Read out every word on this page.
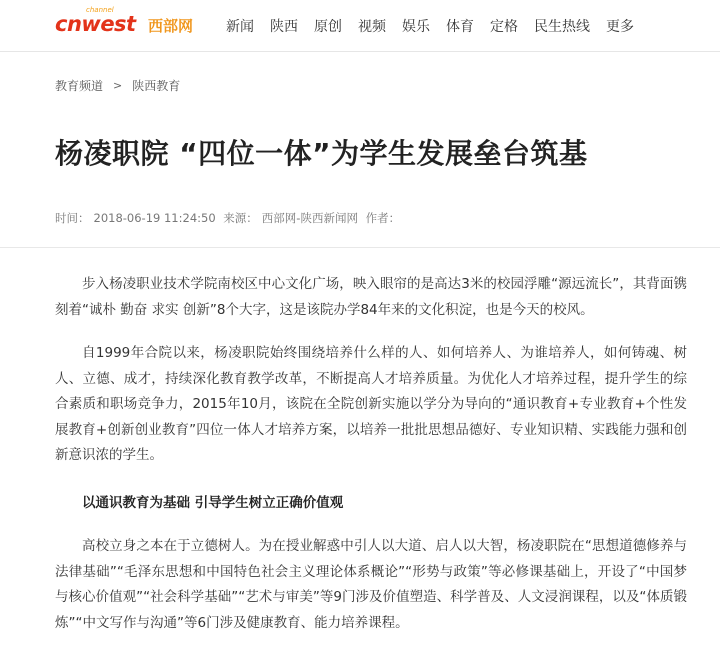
channel
cnwest 西部网 新闻 陕西 原创 视频 娱乐 体育 定格 民生热线 更多
教育频道 > 陕西教育
杨凌职院 “四位一体”为学生发展垒台筑基
时间： 2018-06-19 11:24:50 来源： 西部网-陕西新闻网 作者：

步入杨凌职业技术学院南校区中心文化广场，映入眼帘的是高达3米的校园浮雕“源远流长”，其背面镌刻着“诚朴 勤奋 求实 创新”8个大字，这是该院办学84年来的文化积淀，也是今天的校风。

自1999年合院以来，杨凌职院始终围绕培养什么样的人、如何培养人、为谁培养人，如何铸魂、树人、立德、成才，持续深化教育教学改革，不断提高人才培养质量。为优化人才培养过程，提升学生的综合素质和职场竞争力，2015年10月，该院在全院创新实施以学分为导向的“通识教育+专业教育+个性发展教育+创新创业教育”四位一体人才培养方案，以培养一批批思想品德好、专业知识精、实践能力强和创新意识浓的学生。

以通识教育为基础 引导学生树立正确价值观

高校立身之本在于立德树人。为在授业解惑中引人以大道、启人以大智，杨凌职院在“思想道德修养与法律基础”“毛泽东思想和中国特色社会主义理论体系概论”“形势与政策”等必修课基础上，开设了“中国梦与核心价值观”“社会科学基础”“艺术与审美”等9门涉及价值塑造、科学普及、人文浸润课程，以及“体质锻炼”“中文写作与沟通”等6门涉及健康教育、能力培养课程。
